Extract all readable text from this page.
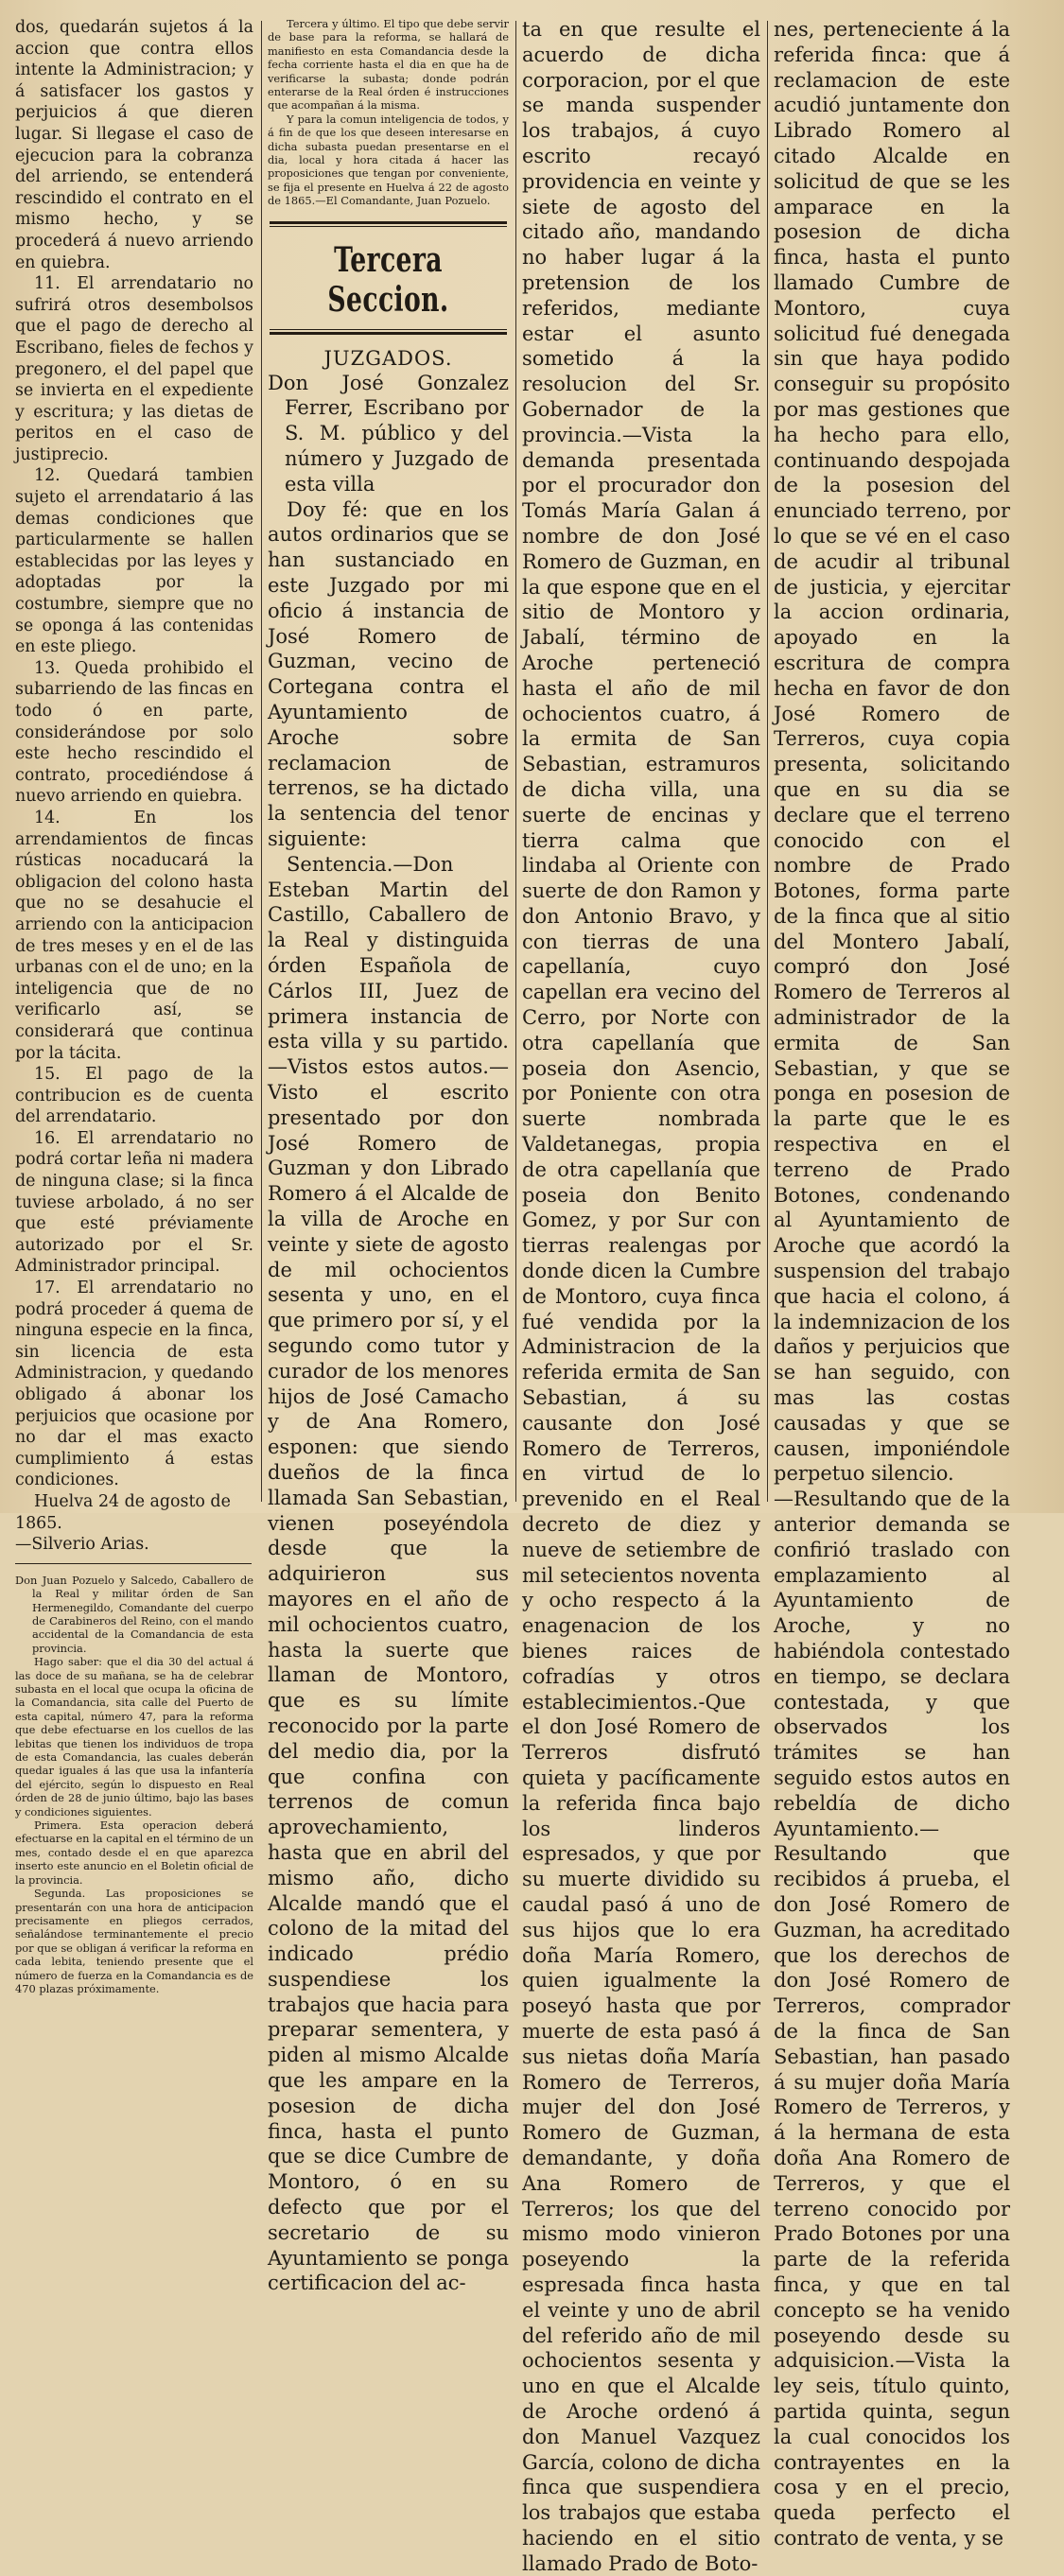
dos, quedarán sujetos á la accion que contra ellos intente la Administracion; y á satisfacer los gastos y perjuicios á que dieren lugar. Si llegase el caso de ejecucion para la cobranza del arriendo, se entenderá rescindido el contrato en el mismo hecho, y se procederá á nuevo arriendo en quiebra.

11. El arrendatario no sufrirá otros desembolsos que el pago de derecho al Escribano, fieles de fechos y pregonero, el del papel que se invierta en el expediente y escritura; y las dietas de peritos en el caso de justiprecio.

12. Quedará tambien sujeto el arrendatario á las demas condiciones que particularmente se hallen establecidas por las leyes y adoptadas por la costumbre, siempre que no se oponga á las contenidas en este pliego.

13. Queda prohibido el subarriendo de las fincas en todo ó en parte, considerándose por solo este hecho rescindido el contrato, procediéndose á nuevo arriendo en quiebra.

14. En los arrendamientos de fincas rústicas nocaducará la obligacion del colono hasta que no se desahucie el arriendo con la anticipacion de tres meses y en el de las urbanas con el de uno; en la inteligencia que de no verificarlo así, se considerará que continua por la tácita.

15. El pago de la contribucion es de cuenta del arrendatario.

16. El arrendatario no podrá cortar leña ni madera de ninguna clase; si la finca tuviese arbolado, á no ser que esté préviamente autorizado por el Sr. Administrador principal.

17. El arrendatario no podrá proceder á quema de ninguna especie en la finca, sin licencia de esta Administracion, y quedando obligado á abonar los perjuicios que ocasione por no dar el mas exacto cumplimiento á estas condiciones.

Huelva 24 de agosto de 1865.

—Silverio Arias.

Don Juan Pozuelo y Salcedo, Caballero de la Real y militar órden de San Hermenegildo, Comandante del cuerpo de Carabineros del Reino, con el mando accidental de la Comandancia de esta provincia.

Hago saber: que el dia 30 del actual á las doce de su mañana, se ha de celebrar subasta en el local que ocupa la oficina de la Comandancia, sita calle del Puerto de esta capital, número 47, para la reforma que debe efectuarse en los cuellos de las lebitas que tienen los individuos de tropa de esta Comandancia, las cuales deberán quedar iguales á las que usa la infantería del ejército, según lo dispuesto en Real órden de 28 de junio último, bajo las bases y condiciones siguientes.

Primera. Esta operacion deberá efectuarse en la capital en el término de un mes, contado desde el en que aparezca inserto este anuncio en el Boletin oficial de la provincia.

Segunda. Las proposiciones se presentarán con una hora de anticipacion precisamente en pliegos cerrados, señalándose terminantemente el precio por que se obligan á verificar la reforma en cada lebita, teniendo presente que el número de fuerza en la Comandancia es de 470 plazas próximamente.

Tercera y último. El tipo que debe servir de base para la reforma, se hallará de manifiesto en esta Comandancia desde la fecha corriente hasta el dia en que ha de verificarse la subasta; donde podrán enterarse de la Real órden é instrucciones que acompañan á la misma.

Y para la comun inteligencia de todos, y á fin de que los que deseen interesarse en dicha subasta puedan presentarse en el dia, local y hora citada á hacer las proposiciones que tengan por conveniente, se fija el presente en Huelva á 22 de agosto de 1865.—El Comandante, Juan Pozuelo.

Tercera Seccion.

JUZGADOS.

Don José Gonzalez Ferrer, Escribano por S. M. público y del número y Juzgado de esta villa

Doy fé: que en los autos ordinarios que se han sustanciado en este Juzgado por mi oficio á instancia de José Romero de Guzman, vecino de Cortegana contra el Ayuntamiento de Aroche sobre reclamacion de terrenos, se ha dictado la sentencia del tenor siguiente:

Sentencia.—Don Esteban Martin del Castillo, Caballero de la Real y distinguida órden Española de Cárlos III, Juez de primera instancia de esta villa y su partido.—Vistos estos autos.—Visto el escrito presentado por don José Romero de Guzman y don Librado Romero á el Alcalde de la villa de Aroche en veinte y siete de agosto de mil ochocientos sesenta y uno, en el que primero por sí, y el segundo como tutor y curador de los menores hijos de José Camacho y de Ana Romero, esponen: que siendo dueños de la finca llamada San Sebastian, vienen poseyéndola desde que la adquirieron sus mayores en el año de mil ochocientos cuatro, hasta la suerte que llaman de Montoro, que es su límite reconocido por la parte del medio dia, por la que confina con terrenos de comun aprovechamiento, hasta que en abril del mismo año, dicho Alcalde mandó que el colono de la mitad del indicado prédio suspendiese los trabajos que hacia para preparar sementera, y piden al mismo Alcalde que les ampare en la posesion de dicha finca, hasta el punto que se dice Cumbre de Montoro, ó en su defecto que por el secretario de su Ayuntamiento se ponga certificacion del ac-

ta en que resulte el acuerdo de dicha corporacion, por el que se manda suspender los trabajos, á cuyo escrito recayó providencia en veinte y siete de agosto del citado año, mandando no haber lugar á la pretension de los referidos, mediante estar el asunto sometido á la resolucion del Sr. Gobernador de la provincia.—Vista la demanda presentada por el procurador don Tomás María Galan á nombre de don José Romero de Guzman, en la que espone que en el sitio de Montoro y Jabalí, término de Aroche perteneció hasta el año de mil ochocientos cuatro, á la ermita de San Sebastian, estramuros de dicha villa, una suerte de encinas y tierra calma que lindaba al Oriente con suerte de don Ramon y don Antonio Bravo, y con tierras de una capellanía, cuyo capellan era vecino del Cerro, por Norte con otra capellanía que poseia don Asencio, por Poniente con otra suerte nombrada Valdetanegas, propia de otra capellanía que poseia don Benito Gomez, y por Sur con tierras realengas por donde dicen la Cumbre de Montoro, cuya finca fué vendida por la Administracion de la referida ermita de San Sebastian, á su causante don José Romero de Terreros, en virtud de lo prevenido en el Real decreto de diez y nueve de setiembre de mil setecientos noventa y ocho respecto á la enagenacion de los bienes raices de cofradías y otros establecimientos.-Que el don José Romero de Terreros disfrutó quieta y pacíficamente la referida finca bajo los linderos espresados, y que por su muerte dividido su caudal pasó á uno de sus hijos que lo era doña María Romero, quien igualmente la poseyó hasta que por muerte de esta pasó á sus nietas doña María Romero de Terreros, mujer del don José Romero de Guzman, demandante, y doña Ana Romero de Terreros; los que del mismo modo vinieron poseyendo la espresada finca hasta el veinte y uno de abril del referido año de mil ochocientos sesenta y uno en que el Alcalde de Aroche ordenó á don Manuel Vazquez García, colono de dicha finca que suspendiera los trabajos que estaba haciendo en el sitio llamado Prado de Boto-

nes, perteneciente á la referida finca: que á reclamacion de este acudió juntamente don Librado Romero al citado Alcalde en solicitud de que se les amparace en la posesion de dicha finca, hasta el punto llamado Cumbre de Montoro, cuya solicitud fué denegada sin que haya podido conseguir su propósito por mas gestiones que ha hecho para ello, continuando despojada de la posesion del enunciado terreno, por lo que se vé en el caso de acudir al tribunal de justicia, y ejercitar la accion ordinaria, apoyado en la escritura de compra hecha en favor de don José Romero de Terreros, cuya copia presenta, solicitando que en su dia se declare que el terreno conocido con el nombre de Prado Botones, forma parte de la finca que al sitio del Montero Jabalí, compró don José Romero de Terreros al administrador de la ermita de San Sebastian, y que se ponga en posesion de la parte que le es respectiva en el terreno de Prado Botones, condenando al Ayuntamiento de Aroche que acordó la suspension del trabajo que hacia el colono, á la indemnizacion de los daños y perjuicios que se han seguido, con mas las costas causadas y que se causen, imponiéndole perpetuo silencio.

—Resultando que de la anterior demanda se confirió traslado con emplazamiento al Ayuntamiento de Aroche, y no habiéndola contestado en tiempo, se declara contestada, y que observados los trámites se han seguido estos autos en rebeldía de dicho Ayuntamiento.— Resultando que recibidos á prueba, el don José Romero de Guzman, ha acreditado que los derechos de don José Romero de Terreros, comprador de la finca de San Sebastian, han pasado á su mujer doña María Romero de Terreros, y á la hermana de esta doña Ana Romero de Terreros, y que el terreno conocido por Prado Botones por una parte de la referida finca, y que en tal concepto se ha venido poseyendo desde su adquisicion.—Vista la ley seis, título quinto, partida quinta, segun la cual conocidos los contrayentes en la cosa y en el precio, queda perfecto el contrato de venta, y se
